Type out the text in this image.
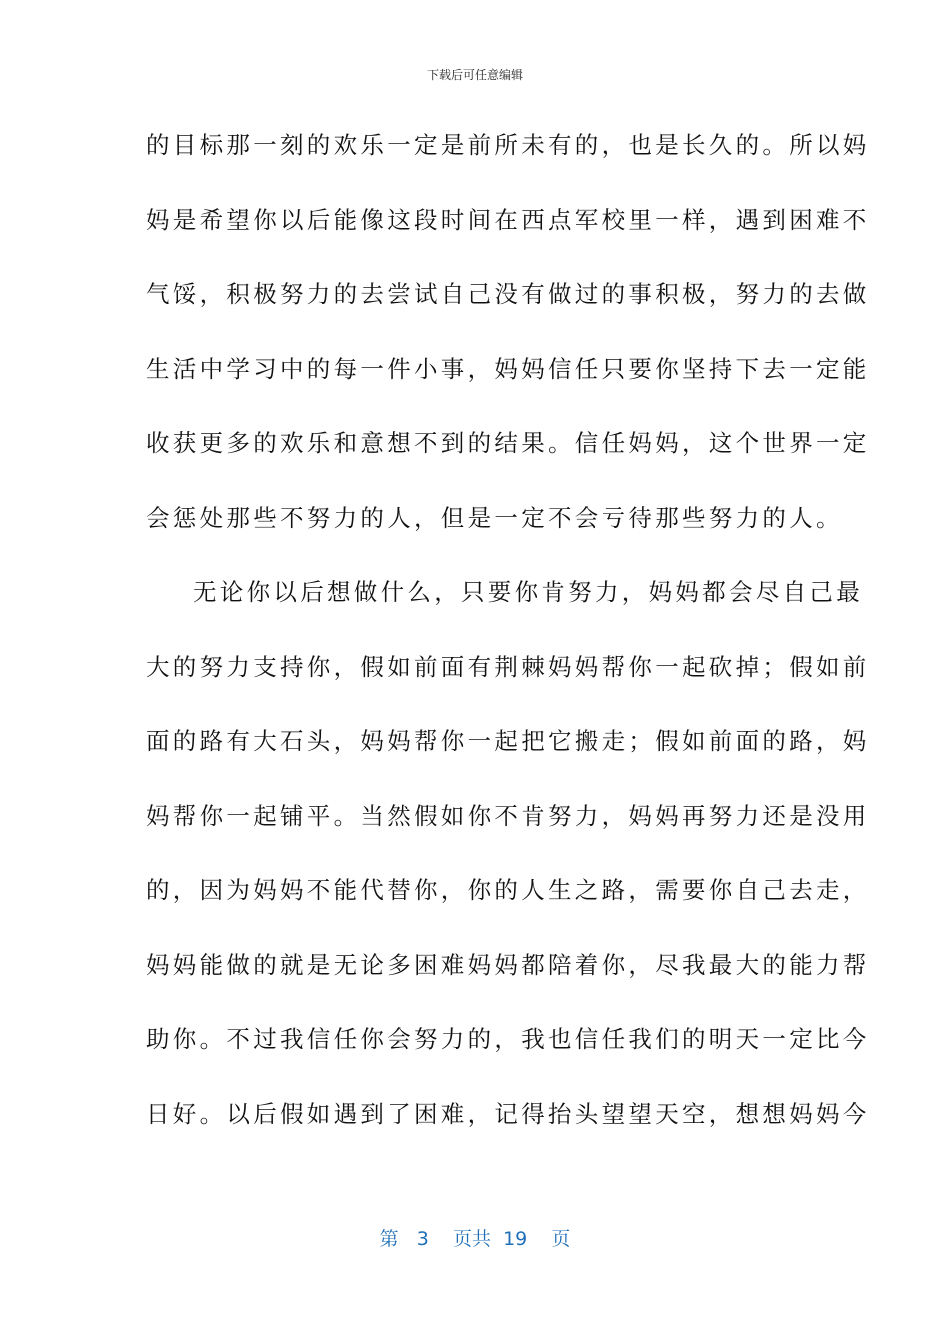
下载后可任意编辑
的目标那一刻的欢乐一定是前所未有的，也是长久的。所以妈
妈是希望你以后能像这段时间在西点军校里一样，遇到困难不
气馁，积极努力的去尝试自己没有做过的事积极，努力的去做
生活中学习中的每一件小事，妈妈信任只要你坚持下去一定能
收获更多的欢乐和意想不到的结果。信任妈妈，这个世界一定
会惩处那些不努力的人，但是一定不会亏待那些努力的人。
无论你以后想做什么，只要你肯努力，妈妈都会尽自己最
大的努力支持你，假如前面有荆棘妈妈帮你一起砍掉；假如前
面的路有大石头，妈妈帮你一起把它搬走；假如前面的路，妈
妈帮你一起铺平。当然假如你不肯努力，妈妈再努力还是没用
的，因为妈妈不能代替你，你的人生之路，需要你自己去走，
妈妈能做的就是无论多困难妈妈都陪着你，尽我最大的能力帮
助你。不过我信任你会努力的，我也信任我们的明天一定比今
日好。以后假如遇到了困难，记得抬头望望天空，想想妈妈今
第 3 页共 19 页
